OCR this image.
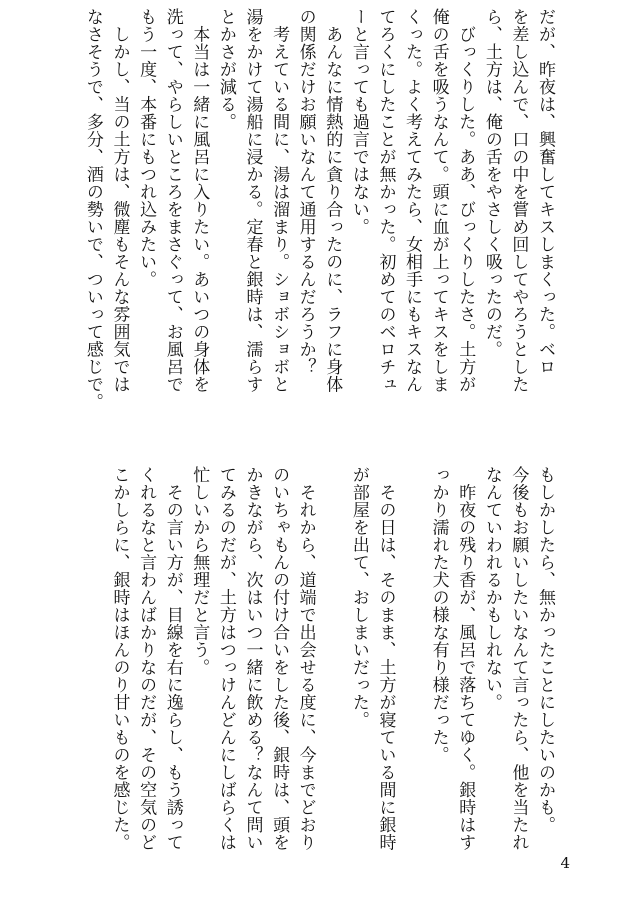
だが、昨夜は、興奮してキスしまくった。ベロ
を差し込んで、口の中を嘗め回してやろうとした
ら、土方は、俺の舌をやさしく吸ったのだ。
　びっくりした。ああ、びっくりしたさ。土方が
俺の舌を吸うなんて。頭に血が上ってキスをしま
くった。よく考えてみたら、女相手にもキスなん
てろくにしたことが無かった。初めてのベロチュ
ーと言っても過言ではない。
　あんなに情熱的に貪り合ったのに、ラフに身体
の関係だけお願いなんて通用するんだろうか？
　考えている間に、湯は溜まり。ショボショボと
湯をかけて湯船に浸かる。定春と銀時は、濡らす
とかさが減る。
　本当は一緒に風呂に入りたい。あいつの身体を
洗って、やらしいところをまさぐって、お風呂で
もう一度、本番にもつれ込みたい。
　しかし、当の土方は、微塵もそんな雰囲気では
なさそうで、多分、酒の勢いで、ついって感じで。
もしかしたら、無かったことにしたいのかも。
今後もお願いしたいなんて言ったら、他を当たれ
なんていわれるかもしれない。
　昨夜の残り香が、風呂で落ちてゆく。銀時はす
っかり濡れた犬の様な有り様だった。

　その日は、そのまま、土方が寝ている間に銀時
が部屋を出て、おしまいだった。

　それから、道端で出会せる度に、今までどおり
のいちゃもんの付け合いをした後、銀時は、頭を
かきながら、次はいつ一緒に飲める？なんて問い
てみるのだが、土方はつっけんどんにしばらくは
忙しいから無理だと言う。
　その言い方が、目線を右に逸らし、もう誘って
くれるなと言わんばかりなのだが、その空気のど
こかしらに、銀時はほんのり甘いものを感じた。
4
